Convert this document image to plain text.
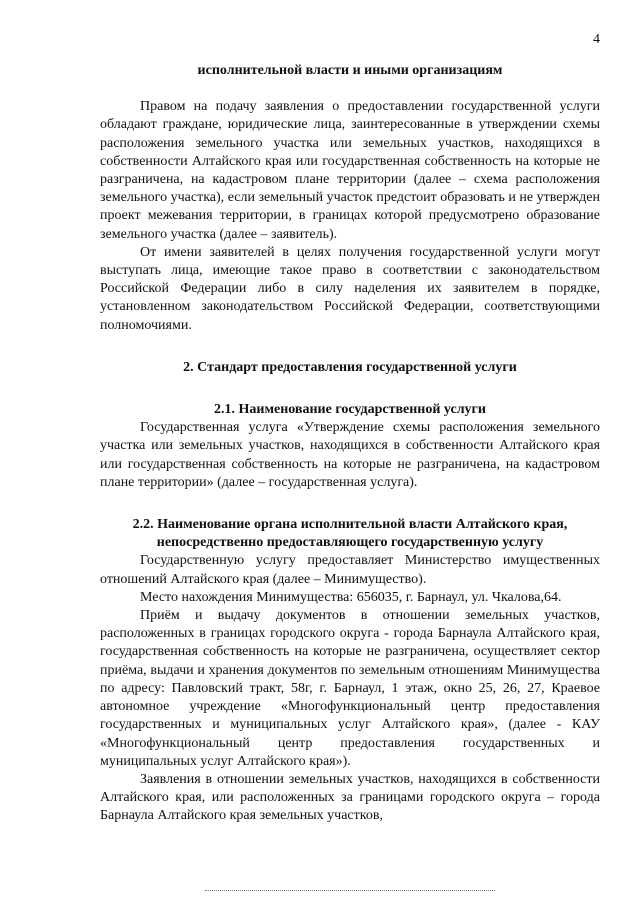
4

исполнительной власти и иными организациям

Правом на подачу заявления о предоставлении государственной услуги обладают граждане, юридические лица, заинтересованные в утверждении схемы расположения земельного участка или земельных участков, находящихся в собственности Алтайского края или государственная собственность на которые не разграничена, на кадастровом плане территории (далее – схема расположения земельного участка), если земельный участок предстоит образовать и не утвержден проект межевания территории, в границах которой предусмотрено образование земельного участка (далее – заявитель).

От имени заявителей в целях получения государственной услуги могут выступать лица, имеющие такое право в соответствии с законодательством Российской Федерации либо в силу наделения их заявителем в порядке, установленном законодательством Российской Федерации, соответствующими полномочиями.

2. Стандарт предоставления государственной услуги

2.1. Наименование государственной услуги

Государственная услуга «Утверждение схемы расположения земельного участка или земельных участков, находящихся в собственности Алтайского края или государственная собственность на которые не разграничена, на кадастровом плане территории» (далее – государственная услуга).

2.2. Наименование органа исполнительной власти Алтайского края,

непосредственно предоставляющего государственную услугу

Государственную услугу предоставляет Министерство имущественных отношений Алтайского края (далее – Минимущество).

Место нахождения Минимущества: 656035, г. Барнаул, ул. Чкалова,64.

Приём и выдачу документов в отношении земельных участков, расположенных в границах городского округа - города Барнаула Алтайского края, государственная собственность на которые не разграничена, осуществляет сектор приёма, выдачи и хранения документов по земельным отношениям Минимущества по адресу: Павловский тракт, 58г, г. Барнаул, 1 этаж, окно 25, 26, 27, Краевое автономное учреждение «Многофункциональный центр предоставления государственных и муниципальных услуг Алтайского края», (далее - КАУ «Многофункциональный центр предоставления государственных и муниципальных услуг Алтайского края»).

Заявления в отношении земельных участков, находящихся в собственности Алтайского края, или расположенных за границами городского округа – города Барнаула Алтайского края земельных участков,
